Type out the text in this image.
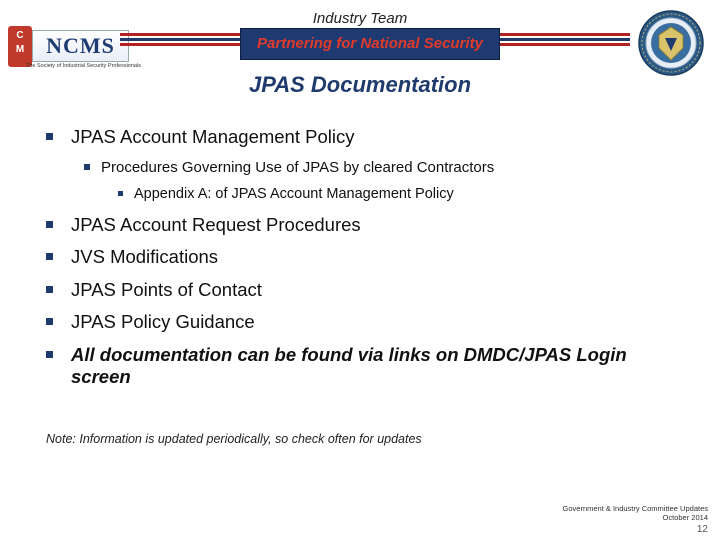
Industry Team
C
M NCMS
The Society of Industrial Security Professionals
Partnering for National Security
JPAS Documentation
JPAS Account Management Policy
Procedures Governing Use of JPAS by cleared Contractors
Appendix A: of JPAS Account Management Policy
JPAS Account Request Procedures
JVS Modifications
JPAS Points of Contact
JPAS Policy Guidance
All documentation can be found via links on DMDC/JPAS Login
screen
Note: Information is updated periodically, so check often for updates
Government & Industry Committee Updates
October 2014
12
